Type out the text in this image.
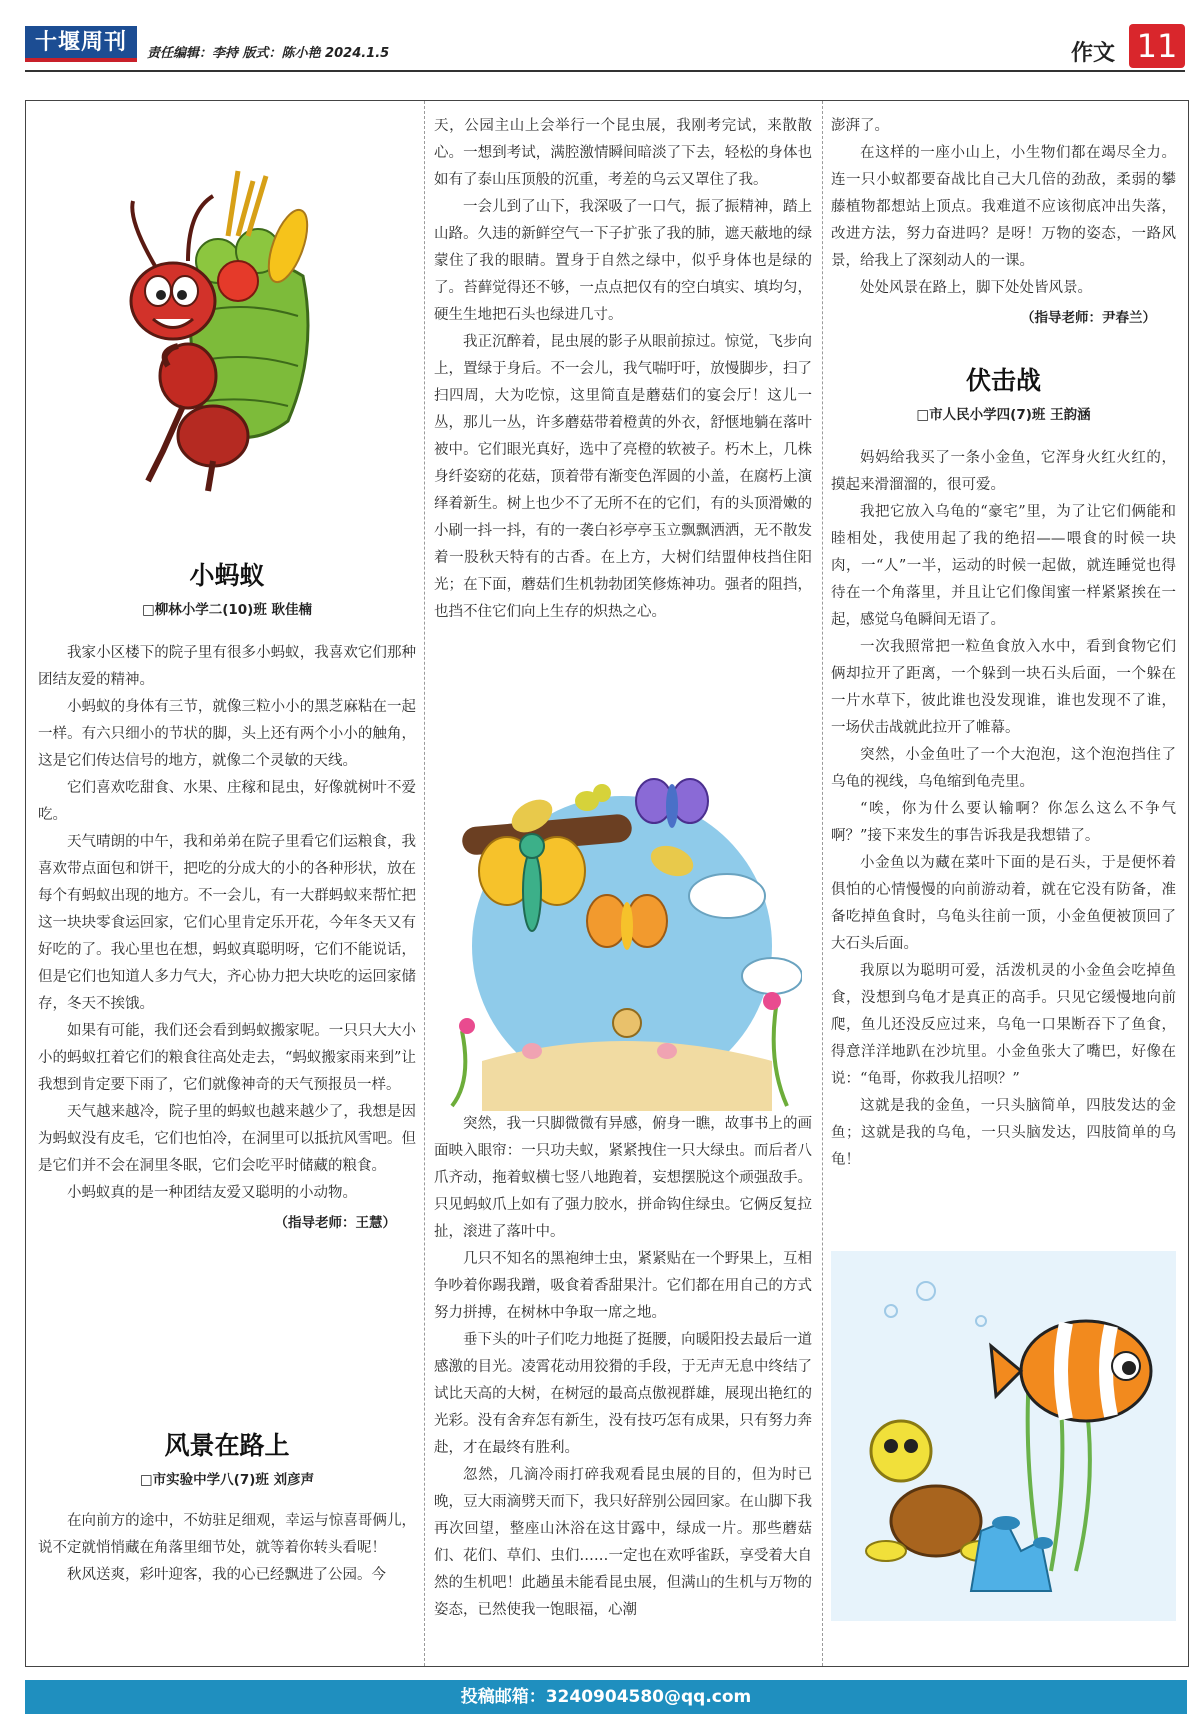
十堰周刊	责任编辑：李持 版式：陈小艳 2024.1.5	作文 11
小蚂蚁

□柳林小学二(10)班 耿佳楠

我家小区楼下的院子里有很多小蚂蚁，我喜欢它们那种团结友爱的精神。

小蚂蚁的身体有三节，就像三粒小小的黑芝麻粘在一起一样。有六只细小的节状的脚，头上还有两个小小的触角，这是它们传达信号的地方，就像二个灵敏的天线。

它们喜欢吃甜食、水果、庄稼和昆虫，好像就树叶不爱吃。

天气晴朗的中午，我和弟弟在院子里看它们运粮食，我喜欢带点面包和饼干，把吃的分成大的小的各种形状，放在每个有蚂蚁出现的地方。不一会儿，有一大群蚂蚁来帮忙把这一块块零食运回家，它们心里肯定乐开花，今年冬天又有好吃的了。我心里也在想，蚂蚁真聪明呀，它们不能说话，但是它们也知道人多力气大，齐心协力把大块吃的运回家储存，冬天不挨饿。

如果有可能，我们还会看到蚂蚁搬家呢。一只只大大小小的蚂蚁扛着它们的粮食往高处走去，“蚂蚁搬家雨来到”让我想到肯定要下雨了，它们就像神奇的天气预报员一样。

天气越来越冷，院子里的蚂蚁也越来越少了，我想是因为蚂蚁没有皮毛，它们也怕冷，在洞里可以抵抗风雪吧。但是它们并不会在洞里冬眠，它们会吃平时储藏的粮食。

小蚂蚁真的是一种团结友爱又聪明的小动物。

（指导老师：王慧）

风景在路上

□市实验中学八(7)班 刘彦声

在向前方的途中，不妨驻足细观，幸运与惊喜哥俩儿，说不定就悄悄藏在角落里细节处，就等着你转头看呢！

秋风送爽，彩叶迎客，我的心已经飘进了公园。今

天，公园主山上会举行一个昆虫展，我刚考完试，来散散心。一想到考试，满腔激情瞬间暗淡了下去，轻松的身体也如有了泰山压顶般的沉重，考差的乌云又罩住了我。

一会儿到了山下，我深吸了一口气，振了振精神，踏上山路。久违的新鲜空气一下子扩张了我的肺，遮天蔽地的绿蒙住了我的眼睛。置身于自然之绿中，似乎身体也是绿的了。苔藓觉得还不够，一点点把仅有的空白填实、填均匀，硬生生地把石头也绿进几寸。

我正沉醉着，昆虫展的影子从眼前掠过。惊觉，飞步向上，置绿于身后。不一会儿，我气喘吁吁，放慢脚步，扫了扫四周，大为吃惊，这里简直是蘑菇们的宴会厅！这儿一丛，那儿一丛，许多蘑菇带着橙黄的外衣，舒惬地躺在落叶被中。它们眼光真好，选中了亮橙的软被子。朽木上，几株身纤姿窈的花菇，顶着带有渐变色浑圆的小盖，在腐朽上演绎着新生。树上也少不了无所不在的它们，有的头顶滑嫩的小刷一抖一抖，有的一袭白衫亭亭玉立飘飘洒洒，无不散发着一股秋天特有的古香。在上方，大树们结盟伸枝挡住阳光；在下面，蘑菇们生机勃勃团笑修炼神功。强者的阻挡，也挡不住它们向上生存的炽热之心。

突然，我一只脚微微有异感，俯身一瞧，故事书上的画面映入眼帘：一只功夫蚁，紧紧拽住一只大绿虫。而后者八爪齐动，拖着蚁横七竖八地跑着，妄想摆脱这个顽强敌手。只见蚂蚁爪上如有了强力胶水，拼命钩住绿虫。它俩反复拉扯，滚进了落叶中。

几只不知名的黑袍绅士虫，紧紧贴在一个野果上，互相争吵着你踢我蹭，吸食着香甜果汁。它们都在用自己的方式努力拼搏，在树林中争取一席之地。

垂下头的叶子们吃力地挺了挺腰，向暖阳投去最后一道感激的目光。凌霄花动用狡猾的手段，于无声无息中终结了试比天高的大树，在树冠的最高点傲视群雄，展现出艳红的光彩。没有舍弃怎有新生，没有技巧怎有成果，只有努力奔赴，才在最终有胜利。

忽然，几滴冷雨打碎我观看昆虫展的目的，但为时已晚，豆大雨滴劈天而下，我只好辞别公园回家。在山脚下我再次回望，整座山沐浴在这甘露中，绿成一片。那些蘑菇们、花们、草们、虫们……一定也在欢呼雀跃，享受着大自然的生机吧！此趟虽未能看昆虫展，但满山的生机与万物的姿态，已然使我一饱眼福，心潮

澎湃了。

在这样的一座小山上，小生物们都在竭尽全力。连一只小蚁都要奋战比自己大几倍的劲敌，柔弱的攀藤植物都想站上顶点。我难道不应该彻底冲出失落，改进方法，努力奋进吗？是呀！万物的姿态，一路风景，给我上了深刻动人的一课。

处处风景在路上，脚下处处皆风景。

（指导老师：尹春兰）

伏击战

□市人民小学四(7)班 王韵涵

妈妈给我买了一条小金鱼，它浑身火红火红的，摸起来滑溜溜的，很可爱。

我把它放入乌龟的“豪宅”里，为了让它们俩能和睦相处，我使用起了我的绝招——喂食的时候一块肉，一“人”一半，运动的时候一起做，就连睡觉也得待在一个角落里，并且让它们像闺蜜一样紧紧挨在一起，感觉乌龟瞬间无语了。

一次我照常把一粒鱼食放入水中，看到食物它们俩却拉开了距离，一个躲到一块石头后面，一个躲在一片水草下，彼此谁也没发现谁，谁也发现不了谁，一场伏击战就此拉开了帷幕。

突然，小金鱼吐了一个大泡泡，这个泡泡挡住了乌龟的视线，乌龟缩到龟壳里。

“唉，你为什么要认输啊？你怎么这么不争气啊？”接下来发生的事告诉我是我想错了。

小金鱼以为藏在菜叶下面的是石头，于是便怀着俱怕的心情慢慢的向前游动着，就在它没有防备，准备吃掉鱼食时，乌龟头往前一顶，小金鱼便被顶回了大石头后面。

我原以为聪明可爱，活泼机灵的小金鱼会吃掉鱼食，没想到乌龟才是真正的高手。只见它缓慢地向前爬，鱼儿还没反应过来，乌龟一口果断吞下了鱼食，得意洋洋地趴在沙坑里。小金鱼张大了嘴巴，好像在说：“龟哥，你救我儿招呗？”

这就是我的金鱼，一只头脑简单，四肢发达的金鱼；这就是我的乌龟，一只头脑发达，四肢简单的乌龟！

投稿邮箱：3240904580@qq.com
